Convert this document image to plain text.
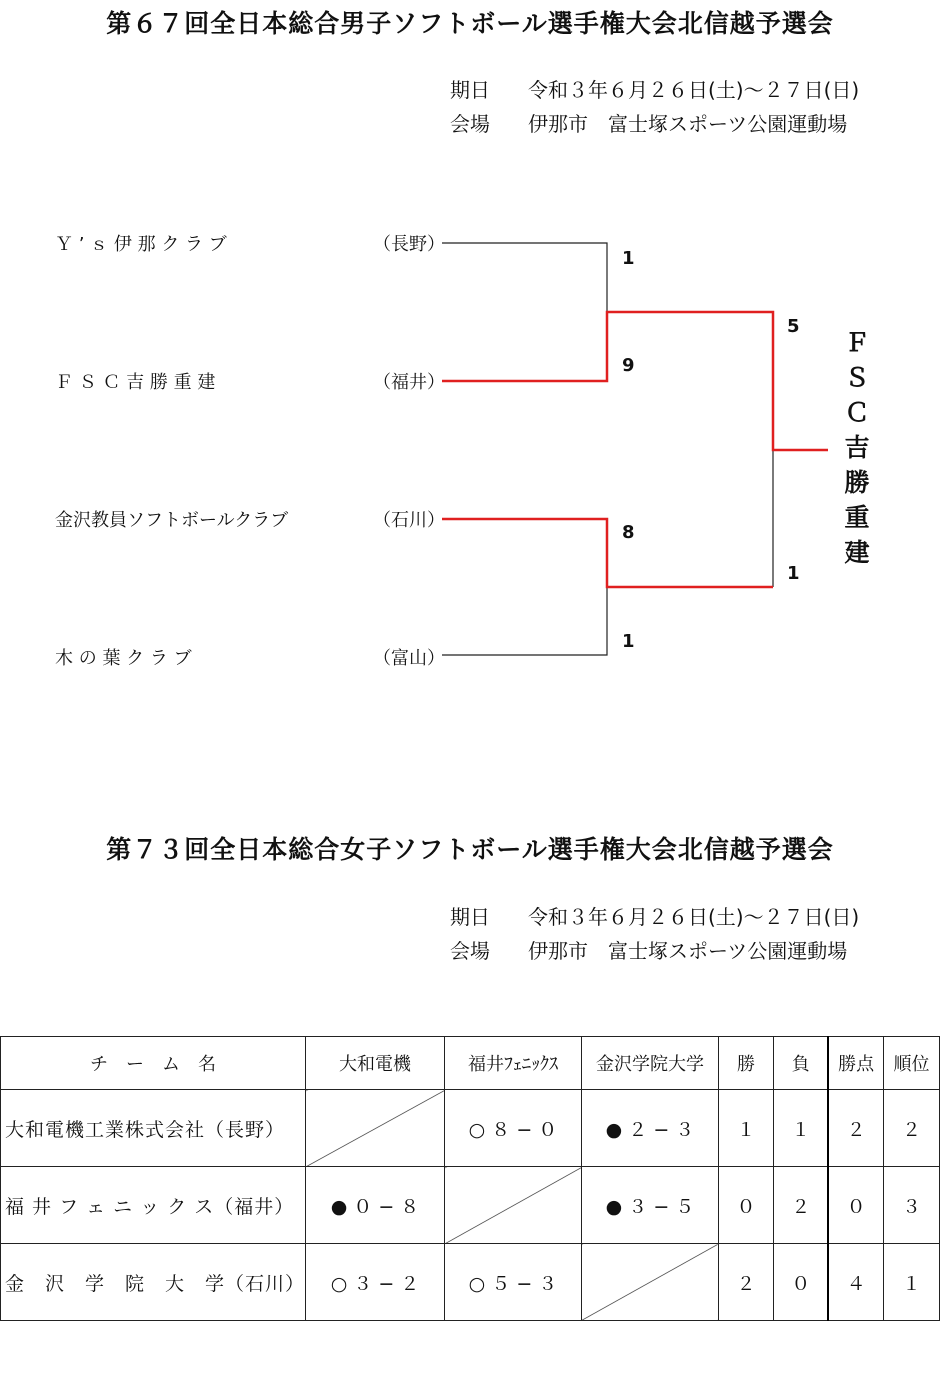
第６７回全日本総合男子ソフトボール選手権大会北信越予選会
期日 令和３年６月２６日(土)～２７日(日)
会場 伊那市　富士塚スポーツ公園運動場
Ｙ ’ ｓ 伊 那 ク ラ ブ	（長野）
Ｆ Ｓ Ｃ 吉 勝 重 建	（福井）
金沢教員ソフトボールクラブ	（石川）
木 の 葉 ク ラ ブ	（富山）
1
9
8
1
5
1
Ｆ
Ｓ
Ｃ
吉
勝
重
建
第７３回全日本総合女子ソフトボール選手権大会北信越予選会
期日 令和３年６月２６日(土)～２７日(日)
会場 伊那市　富士塚スポーツ公園運動場
チ　ー　ム　名	大和電機	福井ﾌｪﾆｯｸｽ	金沢学院大学	勝	負	勝点	順位
大和電機工業株式会社（長野）		○ ８ − ０	● ２ − ３	１	１	２	２
福 井 フ ェ ニ ッ ク ス（福井）	● ０ − ８		● ３ − ５	０	２	０	３
金　沢　学　院　大　学（石川）	○ ３ − ２	○ ５ − ３		２	０	４	１
